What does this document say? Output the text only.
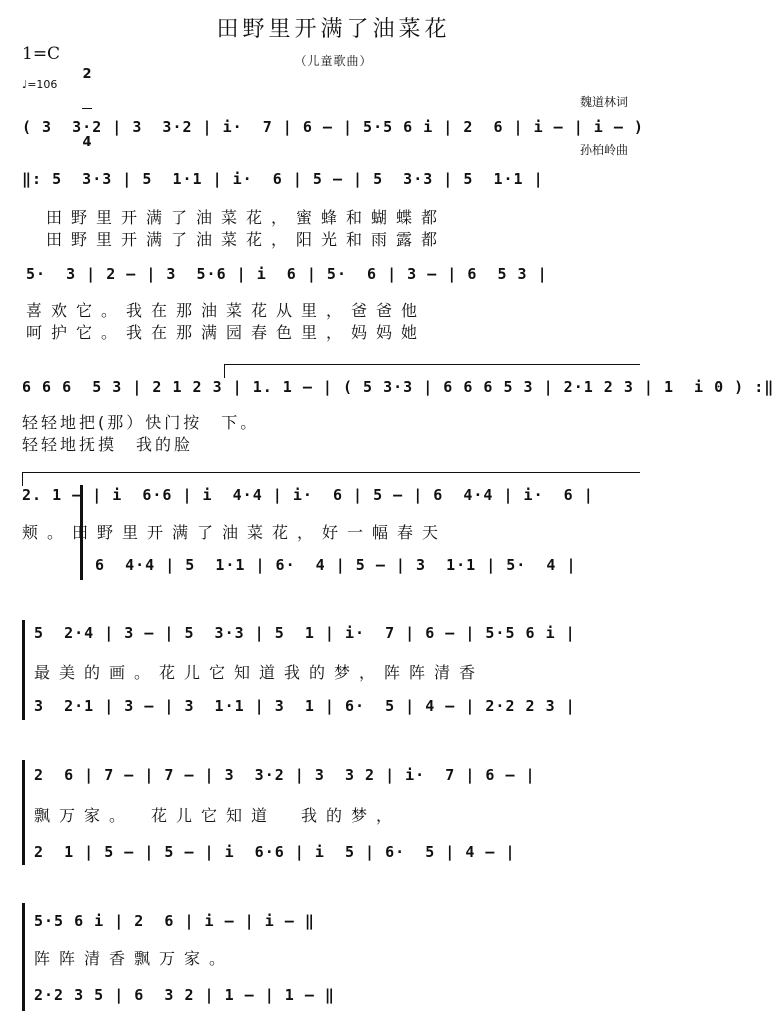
田野里开满了油菜花
（儿童歌曲）
1=C

2

4

♩=106

魏道林词

孙柏岭曲

( 3  3·2 | 3  3·2 | i·  7 | 6 – | 5·5 6 i | 2  6 | i – | i – )
‖: 5  3·3 | 5  1·1 | i·  6 | 5 – | 5  3·3 | 5  1·1 |
田野里开满了油菜花，蜜蜂和蝴蝶都
田野里开满了油菜花，阳光和雨露都
5·  3 | 2 – | 3  5·6 | i  6 | 5·  6 | 3 – | 6  5 3 |
喜欢它。我在那油菜花从里，爸爸他
呵护它。我在那满园春色里，妈妈她
6 6 6  5 3 | 2 1 2 3 | 1. 1 – | ( 5 3·3 | 6 6 6 5 3 | 2·1 2 3 | 1  i 0 ) :‖
轻轻地把(那）快门按　下。
轻轻地抚摸　我的脸
2. 1 – | i  6·6 | i  4·4 | i·  6 | 5 – | 6  4·4 | i·  6 |
颊。田野里开满了油菜花，好一幅春天
6  4·4 | 5  1·1 | 6·  4 | 5 – | 3  1·1 | 5·  4 |
5  2·4 | 3 – | 5  3·3 | 5  1 | i·  7 | 6 – | 5·5 6 i |
最美的画。花儿它知道我的梦，阵阵清香
3  2·1 | 3 – | 3  1·1 | 3  1 | 6·  5 | 4 – | 2·2 2 3 |
2  6 | 7 – | 7 – | 3  3·2 | 3  3 2 | i·  7 | 6 – |
飘万家。　花儿它知道　我的梦，
2  1 | 5 – | 5 – | i  6·6 | i  5 | 6·  5 | 4 – |
5·5 6 i | 2  6 | i – | i – ‖
阵阵清香飘万家。
2·2 3 5 | 6  3 2 | 1 – | 1 – ‖
